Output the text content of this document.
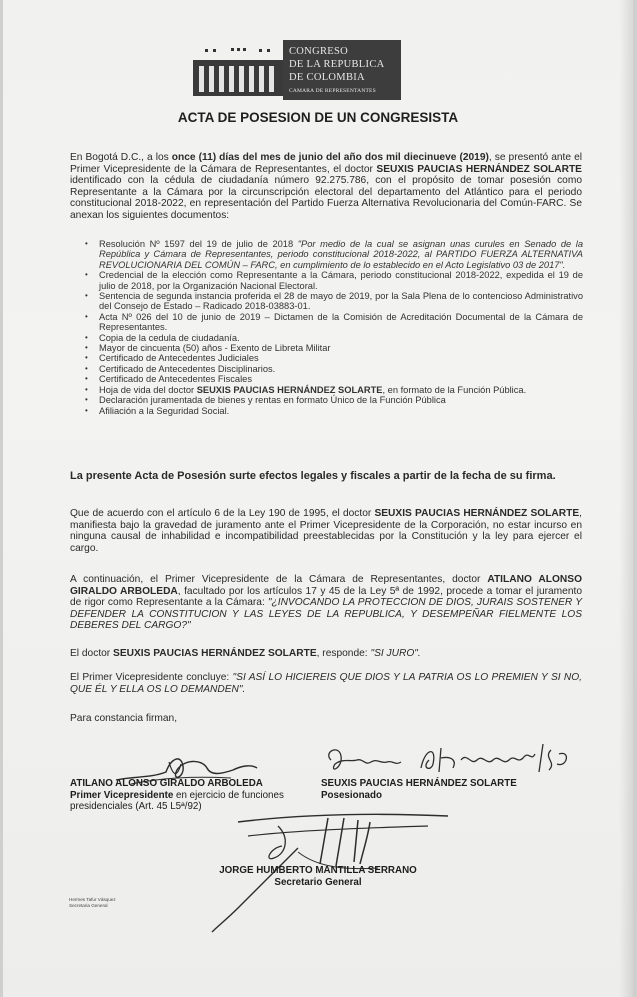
CONGRESO
DE LA REPUBLICA
DE COLOMBIA
CAMARA DE REPRESENTANTES
ACTA DE POSESION DE UN CONGRESISTA
En Bogotá D.C., a los once (11) días del mes de junio del año dos mil diecinueve (2019), se presentó ante el Primer Vicepresidente de la Cámara de Representantes, el doctor SEUXIS PAUCIAS HERNÁNDEZ SOLARTE identificado con la cédula de ciudadanía número 92.275.786, con el propósito de tomar posesión como Representante a la Cámara por la circunscripción electoral del departamento del Atlántico para el periodo constitucional 2018-2022, en representación del Partido Fuerza Alternativa Revolucionaria del Común-FARC. Se anexan los siguientes documentos:
• Resolución Nº 1597 del 19 de julio de 2018 "Por medio de la cual se asignan unas curules en Senado de la República y Cámara de Representantes, periodo constitucional 2018-2022, al PARTIDO FUERZA ALTERNATIVA REVOLUCIONARIA DEL COMÚN – FARC, en cumplimiento de lo establecido en el Acto Legislativo 03 de 2017".
• Credencial de la elección como Representante a la Cámara, periodo constitucional 2018-2022, expedida el 19 de julio de 2018, por la Organización Nacional Electoral.
• Sentencia de segunda instancia proferida el 28 de mayo de 2019, por la Sala Plena de lo contencioso Administrativo del Consejo de Estado – Radicado 2018-03883-01.
• Acta Nº 026 del 10 de junio de 2019 – Dictamen de la Comisión de Acreditación Documental de la Cámara de Representantes.
• Copia de la cedula de ciudadanía.
• Mayor de cincuenta (50) años - Exento de Libreta Militar
• Certificado de Antecedentes Judiciales
• Certificado de Antecedentes Disciplinarios.
• Certificado de Antecedentes Fiscales
• Hoja de vida del doctor SEUXIS PAUCIAS HERNÁNDEZ SOLARTE, en formato de la Función Pública.
• Declaración juramentada de bienes y rentas en formato Único de la Función Pública
• Afiliación a la Seguridad Social.
La presente Acta de Posesión surte efectos legales y fiscales a partir de la fecha de su firma.
Que de acuerdo con el artículo 6 de la Ley 190 de 1995, el doctor SEUXIS PAUCIAS HERNÁNDEZ SOLARTE, manifiesta bajo la gravedad de juramento ante el Primer Vicepresidente de la Corporación, no estar incurso en ninguna causal de inhabilidad e incompatibilidad preestablecidas por la Constitución y la ley para ejercer el cargo.
A continuación, el Primer Vicepresidente de la Cámara de Representantes, doctor ATILANO ALONSO GIRALDO ARBOLEDA, facultado por los artículos 17 y 45 de la Ley 5ª de 1992, procede a tomar el juramento de rigor como Representante a la Cámara: "¿INVOCANDO LA PROTECCION DE DIOS, JURAIS SOSTENER Y DEFENDER LA CONSTITUCION Y LAS LEYES DE LA REPUBLICA, Y DESEMPEÑAR FIELMENTE LOS DEBERES DEL CARGO?"
El doctor SEUXIS PAUCIAS HERNÁNDEZ SOLARTE, responde: "SI JURO".
El Primer Vicepresidente concluye: "SI ASÍ LO HICIEREIS QUE DIOS Y LA PATRIA OS LO PREMIEN Y SI NO, QUE ÉL Y ELLA OS LO DEMANDEN".
Para constancia firman,
ATILANO ALONSO GIRALDO ARBOLEDA
Primer Vicepresidente en ejercicio de funciones presidenciales (Art. 45 L5ª/92)
SEUXIS PAUCIAS HERNÁNDEZ SOLARTE
Posesionado
JORGE HUMBERTO MANTILLA SERRANO
Secretario General
Hermes Tafur Vásquez
Secretaria General
